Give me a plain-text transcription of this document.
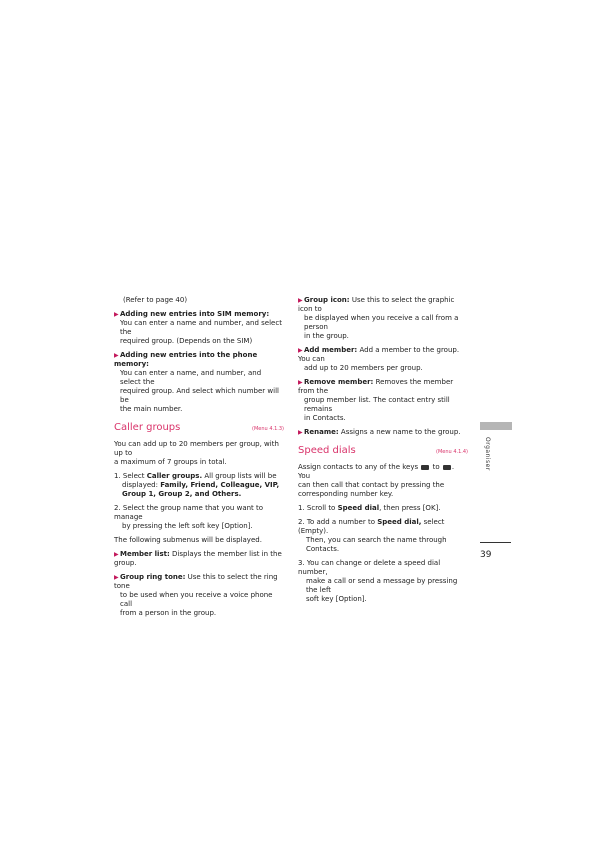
(Refer to page 40)

▶Adding new entries into SIM memory:

You can enter a name and number, and select the

required group. (Depends on the SIM)

▶Adding new entries into the phone memory:

You can enter a name, and number, and select the

required group. And select which number will be

the main number.

Caller groups	(Menu 4.1.3)

You can add up to 20 members per group, with up to

a maximum of 7 groups in total.

1. Select Caller groups. All group lists will be

displayed: Family, Friend, Colleague, VIP,

Group 1, Group 2, and Others.

2. Select the group name that you want to manage

by pressing the left soft key [Option].

The following submenus will be displayed.

▶Member list: Displays the member list in the group.

▶Group ring tone: Use this to select the ring tone

to be used when you receive a voice phone call

from a person in the group.

▶Group icon: Use this to select the graphic icon to

be displayed when you receive a call from a person

in the group.

▶Add member: Add a member to the group. You can

add up to 20 members per group.

▶Remove member: Removes the member from the

group member list. The contact entry still remains

in Contacts.

▶Rename: Assigns a new name to the group.

Speed dials	(Menu 4.1.4)

Assign contacts to any of the keys  to . You

can then call that contact by pressing the

corresponding number key.

1. Scroll to Speed dial, then press [OK].

2. To add a number to Speed dial, select (Empty).

Then, you can search the name through Contacts.

3. You can change or delete a speed dial number,

make a call or send a message by pressing the left

soft key [Option].

Organiser
39
